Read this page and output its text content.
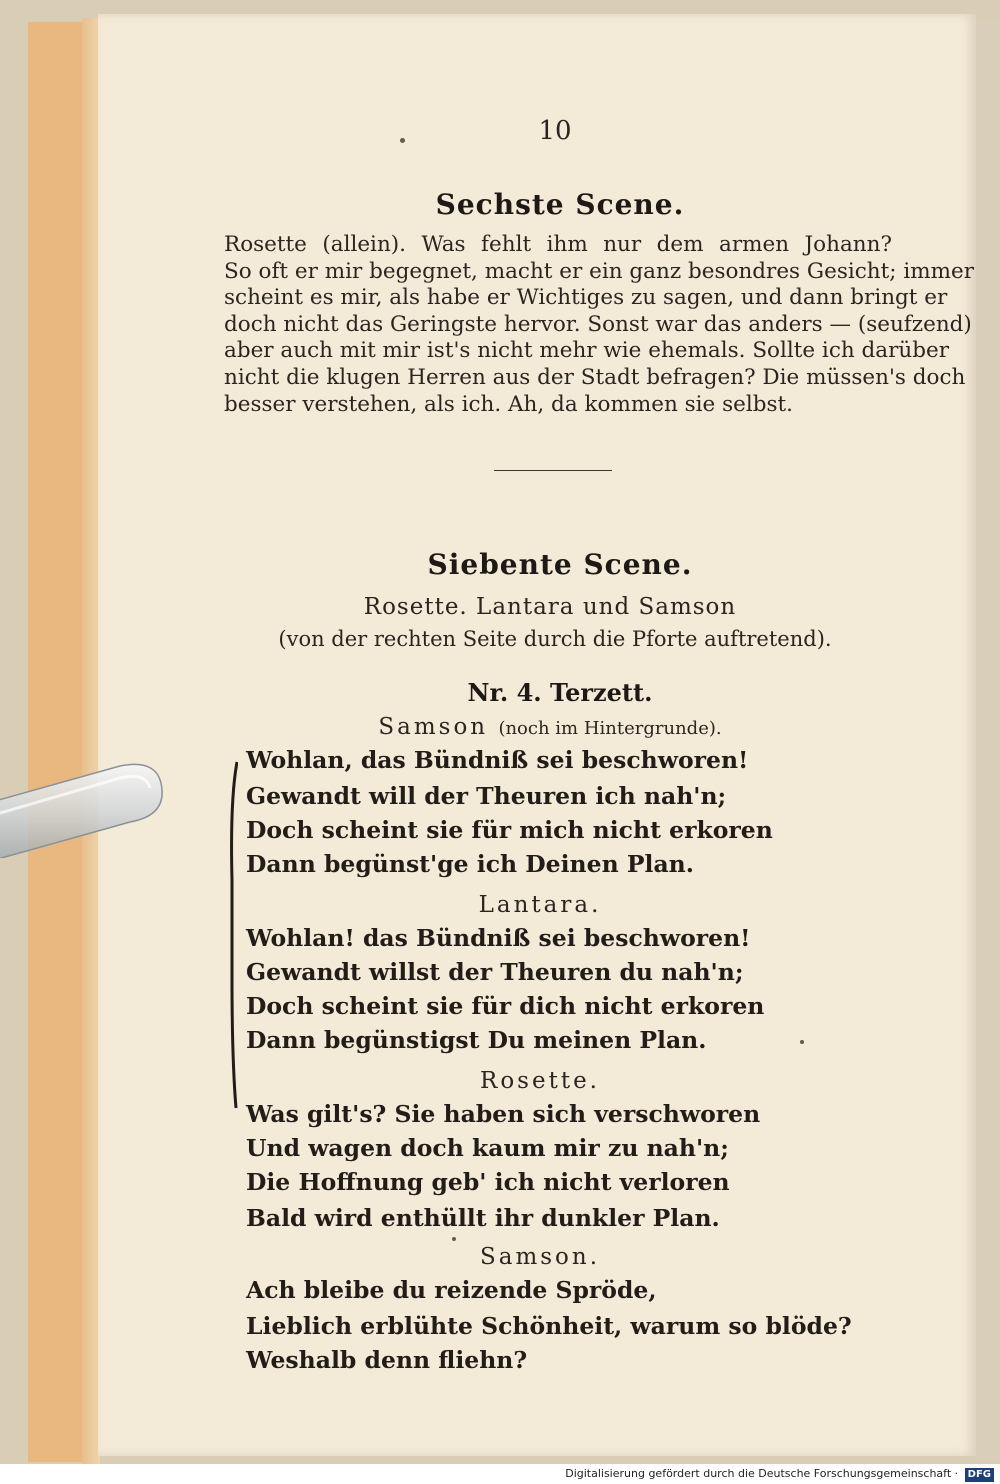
10
Sechste Scene.
Rosette (allein). Was fehlt ihm nur dem armen Johann?
So oft er mir begegnet, macht er ein ganz besondres Gesicht; immer
scheint es mir, als habe er Wichtiges zu sagen, und dann bringt er
doch nicht das Geringste hervor. Sonst war das anders — (seufzend)
aber auch mit mir ist's nicht mehr wie ehemals. Sollte ich darüber
nicht die klugen Herren aus der Stadt befragen? Die müssen's doch
besser verstehen, als ich. Ah, da kommen sie selbst.
Siebente Scene.
Rosette. Lantara und Samson
(von der rechten Seite durch die Pforte auftretend).
Nr. 4. Terzett.
Samson (noch im Hintergrunde).
Wohlan, das Bündniß sei beschworen!
Gewandt will der Theuren ich nah'n;
Doch scheint sie für mich nicht erkoren
Dann begünst'ge ich Deinen Plan.
Lantara.
Wohlan! das Bündniß sei beschworen!
Gewandt willst der Theuren du nah'n;
Doch scheint sie für dich nicht erkoren
Dann begünstigst Du meinen Plan.
Rosette.
Was gilt's? Sie haben sich verschworen
Und wagen doch kaum mir zu nah'n;
Die Hoffnung geb' ich nicht verloren
Bald wird enthüllt ihr dunkler Plan.
Samson.
Ach bleibe du reizende Spröde,
Lieblich erblühte Schönheit, warum so blöde?
Weshalb denn fliehn?
Digitalisierung gefördert durch die Deutsche Forschungsgemeinschaft · DFG
